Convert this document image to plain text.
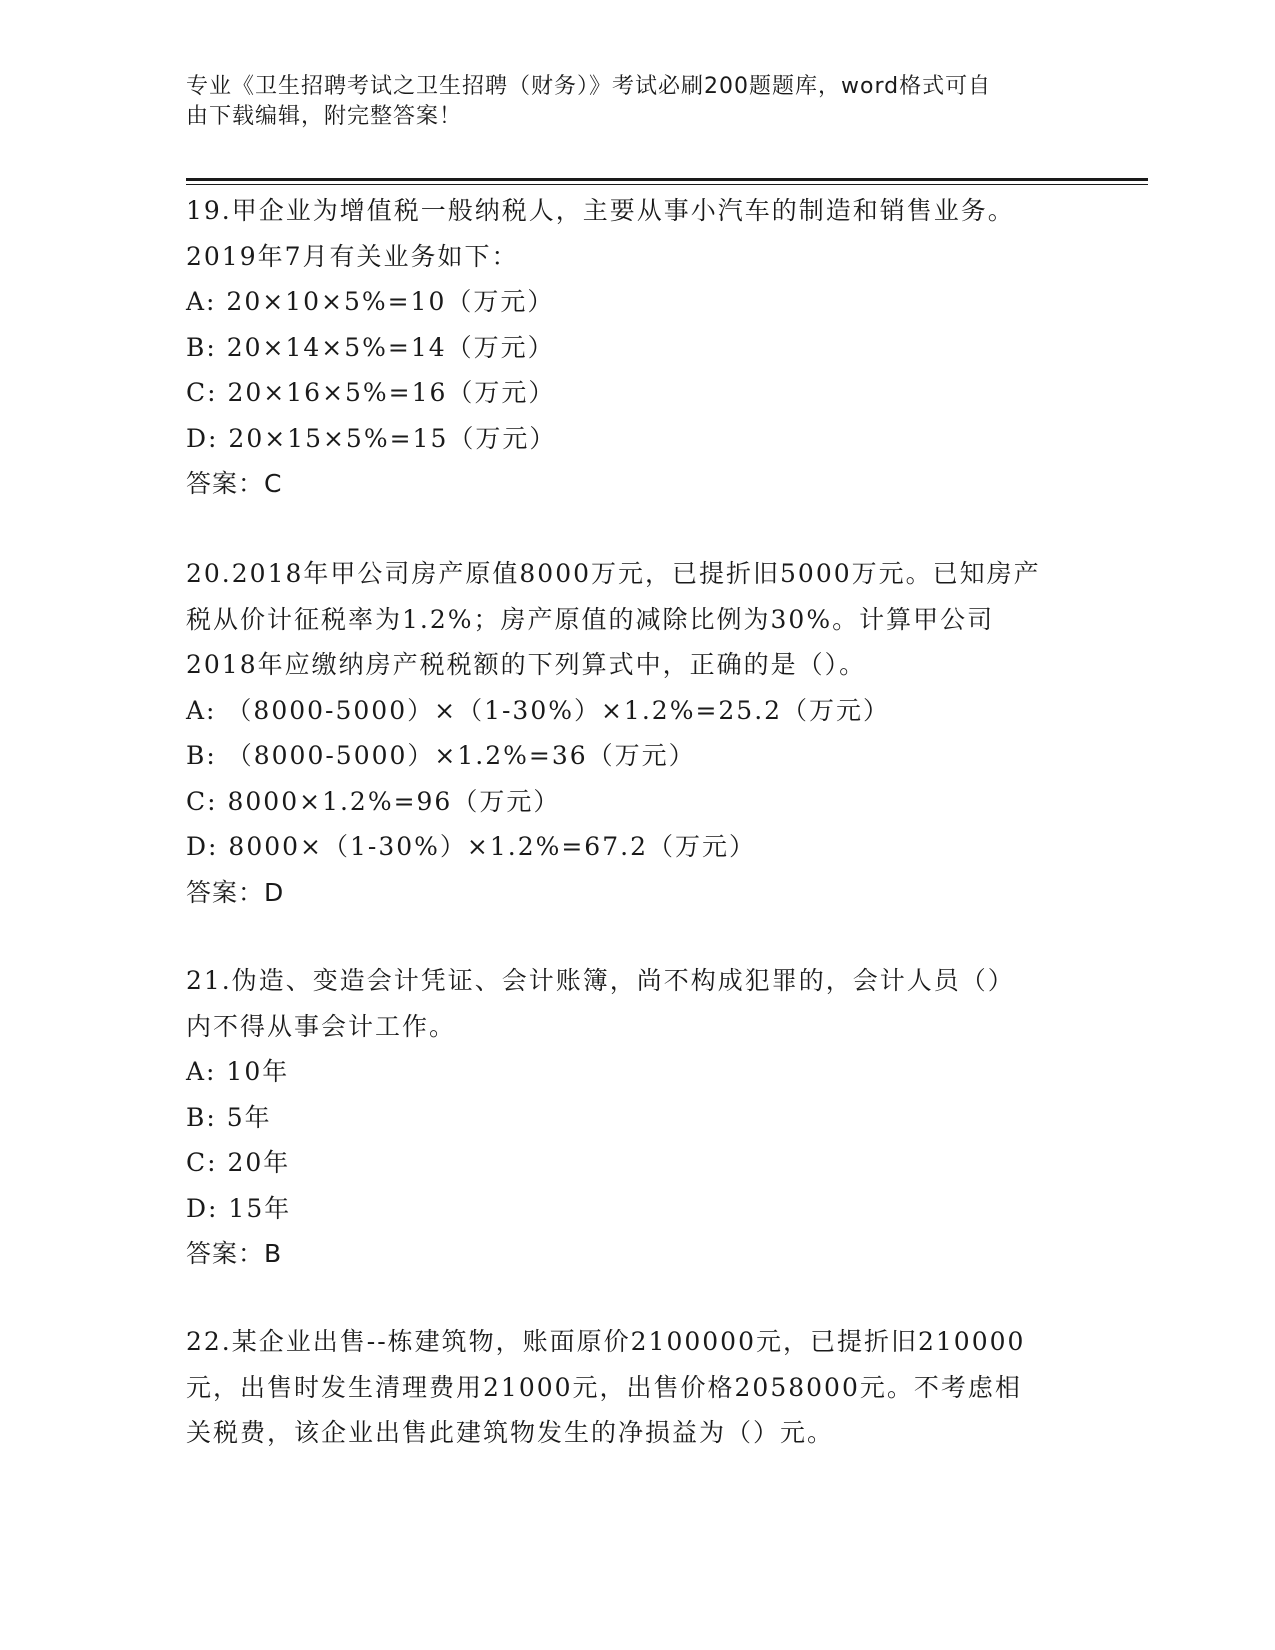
专业《卫生招聘考试之卫生招聘（财务）》考试必刷200题题库，word格式可自
由下载编辑，附完整答案！
19.甲企业为增值税一般纳税人，主要从事小汽车的制造和销售业务。
2019年7月有关业务如下：
A: 20×10×5%=10（万元）
B: 20×14×5%=14（万元）
C: 20×16×5%=16（万元）
D: 20×15×5%=15（万元）
答案：C
20.2018年甲公司房产原值8000万元，已提折旧5000万元。已知房产
税从价计征税率为1.2%；房产原值的减除比例为30%。计算甲公司
2018年应缴纳房产税税额的下列算式中，正确的是（）。
A: （8000-5000）×（1-30%）×1.2%=25.2（万元）
B: （8000-5000）×1.2%=36（万元）
C: 8000×1.2%=96（万元）
D: 8000×（1-30%）×1.2%=67.2（万元）
答案：D
21.伪造、变造会计凭证、会计账簿，尚不构成犯罪的，会计人员（）
内不得从事会计工作。
A: 10年
B: 5年
C: 20年
D: 15年
答案：B
22.某企业出售--栋建筑物，账面原价2100000元，已提折旧210000
元，出售时发生清理费用21000元，出售价格2058000元。不考虑相
关税费，该企业出售此建筑物发生的净损益为（）元。
